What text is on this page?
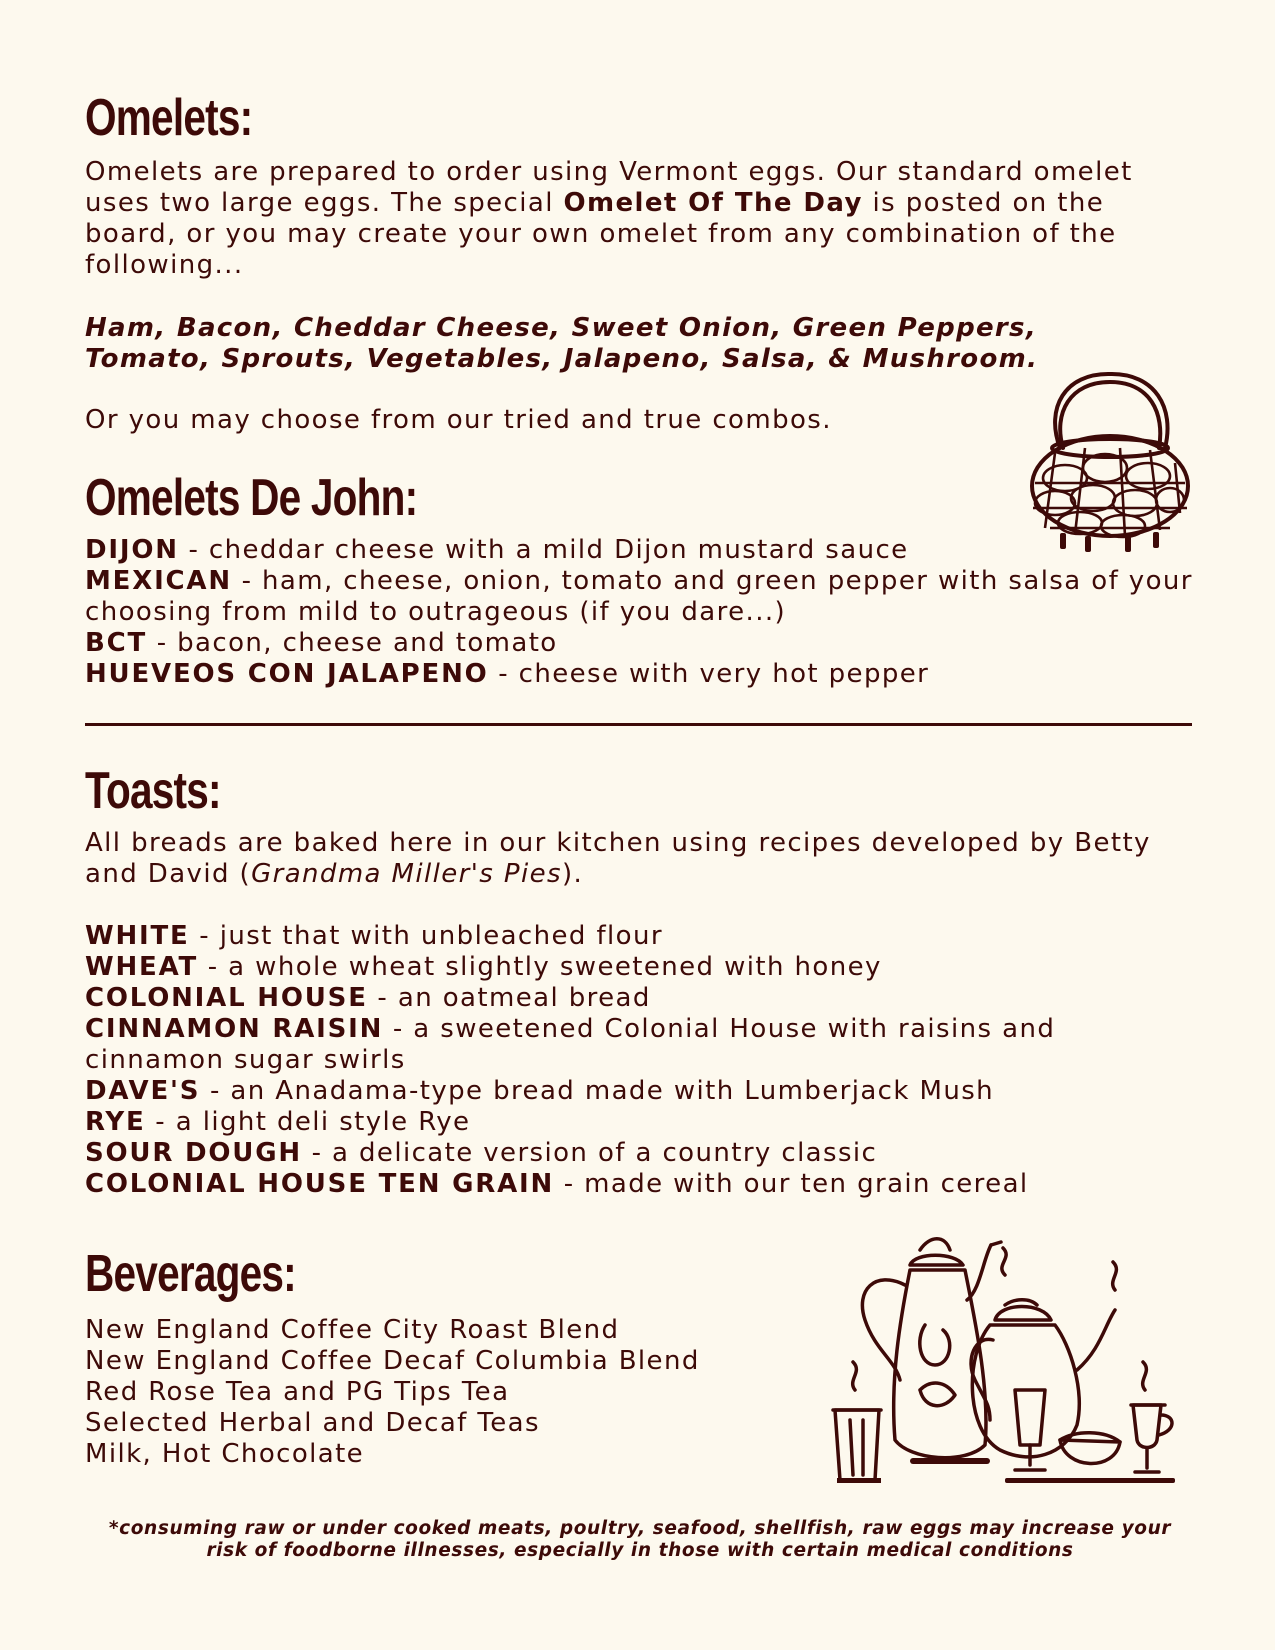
Omelets:

Omelets are prepared to order using Vermont eggs. Our standard omelet uses two large eggs. The special Omelet Of The Day is posted on the board, or you may create your own omelet from any combination of the following...

Ham, Bacon, Cheddar Cheese, Sweet Onion, Green Peppers, Tomato, Sprouts, Vegetables, Jalapeno, Salsa, & Mushroom.

Or you may choose from our tried and true combos.

Omelets De John:
DIJON - cheddar cheese with a mild Dijon mustard sauce
MEXICAN - ham, cheese, onion, tomato and green pepper with salsa of your choosing from mild to outrageous (if you dare...)
BCT - bacon, cheese and tomato
HUEVEOS CON JALAPENO - cheese with very hot pepper
Toasts:

All breads are baked here in our kitchen using recipes developed by Betty and David (Grandma Miller's Pies).

WHITE - just that with unbleached flour
WHEAT - a whole wheat slightly sweetened with honey
COLONIAL HOUSE - an oatmeal bread
CINNAMON RAISIN - a sweetened Colonial House with raisins and cinnamon sugar swirls
DAVE'S - an Anadama-type bread made with Lumberjack Mush
RYE - a light deli style Rye
SOUR DOUGH - a delicate version of a country classic
COLONIAL HOUSE TEN GRAIN - made with our ten grain cereal
Beverages:
New England Coffee City Roast Blend
New England Coffee Decaf Columbia Blend
Red Rose Tea and PG Tips Tea
Selected Herbal and Decaf Teas
Milk, Hot Chocolate
*consuming raw or under cooked meats, poultry, seafood, shellfish, raw eggs may increase your risk of foodborne illnesses, especially in those with certain medical conditions
